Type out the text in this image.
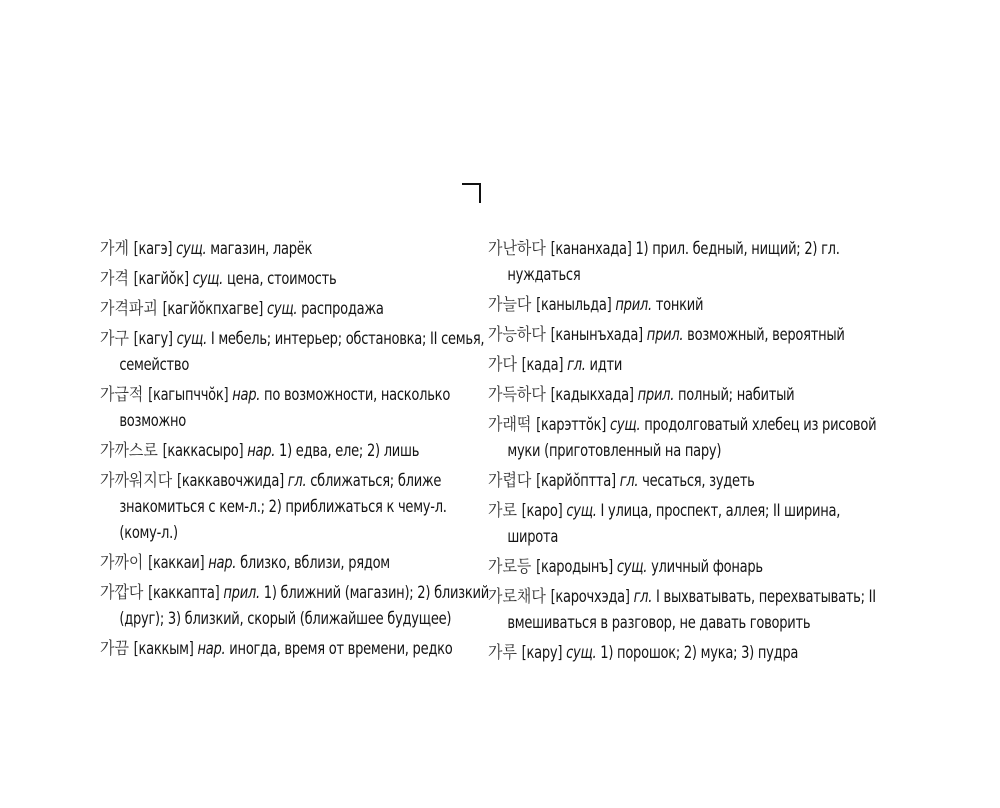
가게 [кагэ] сущ. магазин, ларёк
가격 [кагйŏк] сущ. цена, стоимость
가격파괴 [кагйŏкпхагве] сущ. распродажа
가구 [кагу] сущ. I мебель; интерьер; обстановка; II семья, семейство
가급적 [кагыпччŏк] нар. по возможности, насколько возможно
가까스로 [каккасыро] нар. 1) едва, еле; 2) лишь
가까워지다 [каккавочжида] гл. сближаться; ближе знакомиться с кем-л.; 2) приближаться к чему-л. (кому-л.)
가까이 [каккаи] нар. близко, вблизи, рядом
가깝다 [каккапта] прил. 1) ближний (магазин); 2) близкий (друг); 3) близкий, скорый (ближайшее будущее)
가끔 [каккым] нар. иногда, время от времени, редко
가난하다 [кананхада] 1) прил. бедный, нищий; 2) гл. нуждаться
가늘다 [каныльда] прил. тонкий
가능하다 [канынъхада] прил. возможный, вероятный
가다 [када] гл. идти
가득하다 [кадыкхада] прил. полный; набитый
가래떡 [карэттŏк] сущ. продолговатый хлебец из рисовой муки (приготовленный на пару)
가렵다 [карйŏптта] гл. чесаться, зудеть
가로 [каро] сущ. I улица, проспект, аллея; II ширина, широта
가로등 [кародынъ] сущ. уличный фонарь
가로채다 [карочхэда] гл. I выхватывать, перехватывать; II вмешиваться в разговор, не давать говорить
가루 [кару] сущ. 1) порошок; 2) мука; 3) пудра
